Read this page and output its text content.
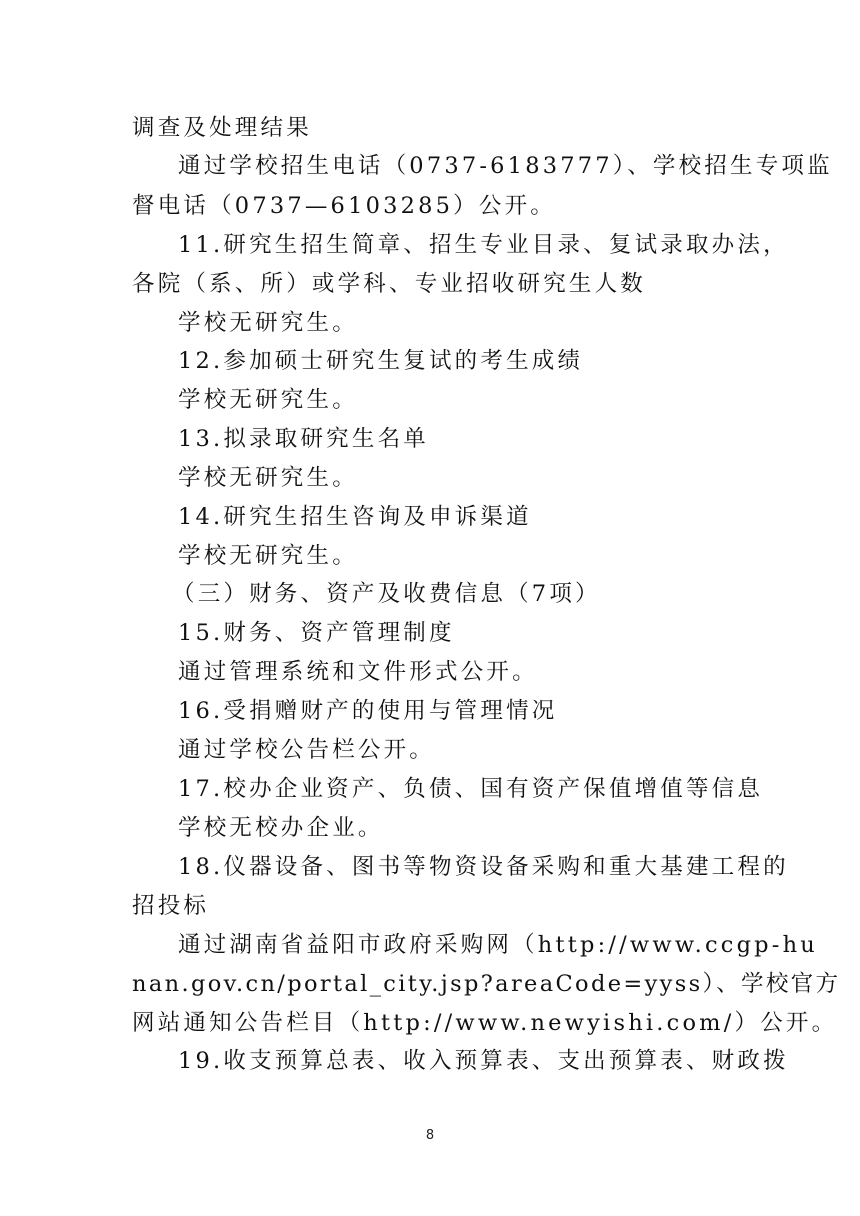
调查及处理结果
通过学校招生电话（0737-6183777）、学校招生专项监
督电话（0737—6103285）公开。
11.研究生招生简章、招生专业目录、复试录取办法，
各院（系、所）或学科、专业招收研究生人数
学校无研究生。
12.参加硕士研究生复试的考生成绩
学校无研究生。
13.拟录取研究生名单
学校无研究生。
14.研究生招生咨询及申诉渠道
学校无研究生。
（三）财务、资产及收费信息（7项）
15.财务、资产管理制度
通过管理系统和文件形式公开。
16.受捐赠财产的使用与管理情况
通过学校公告栏公开。
17.校办企业资产、负债、国有资产保值增值等信息
学校无校办企业。
18.仪器设备、图书等物资设备采购和重大基建工程的
招投标
通过湖南省益阳市政府采购网（http://www.ccgp-hu
nan.gov.cn/portal_city.jsp?areaCode=yyss）、学校官方
网站通知公告栏目（http://www.newyishi.com/）公开。
19.收支预算总表、收入预算表、支出预算表、财政拨
8
